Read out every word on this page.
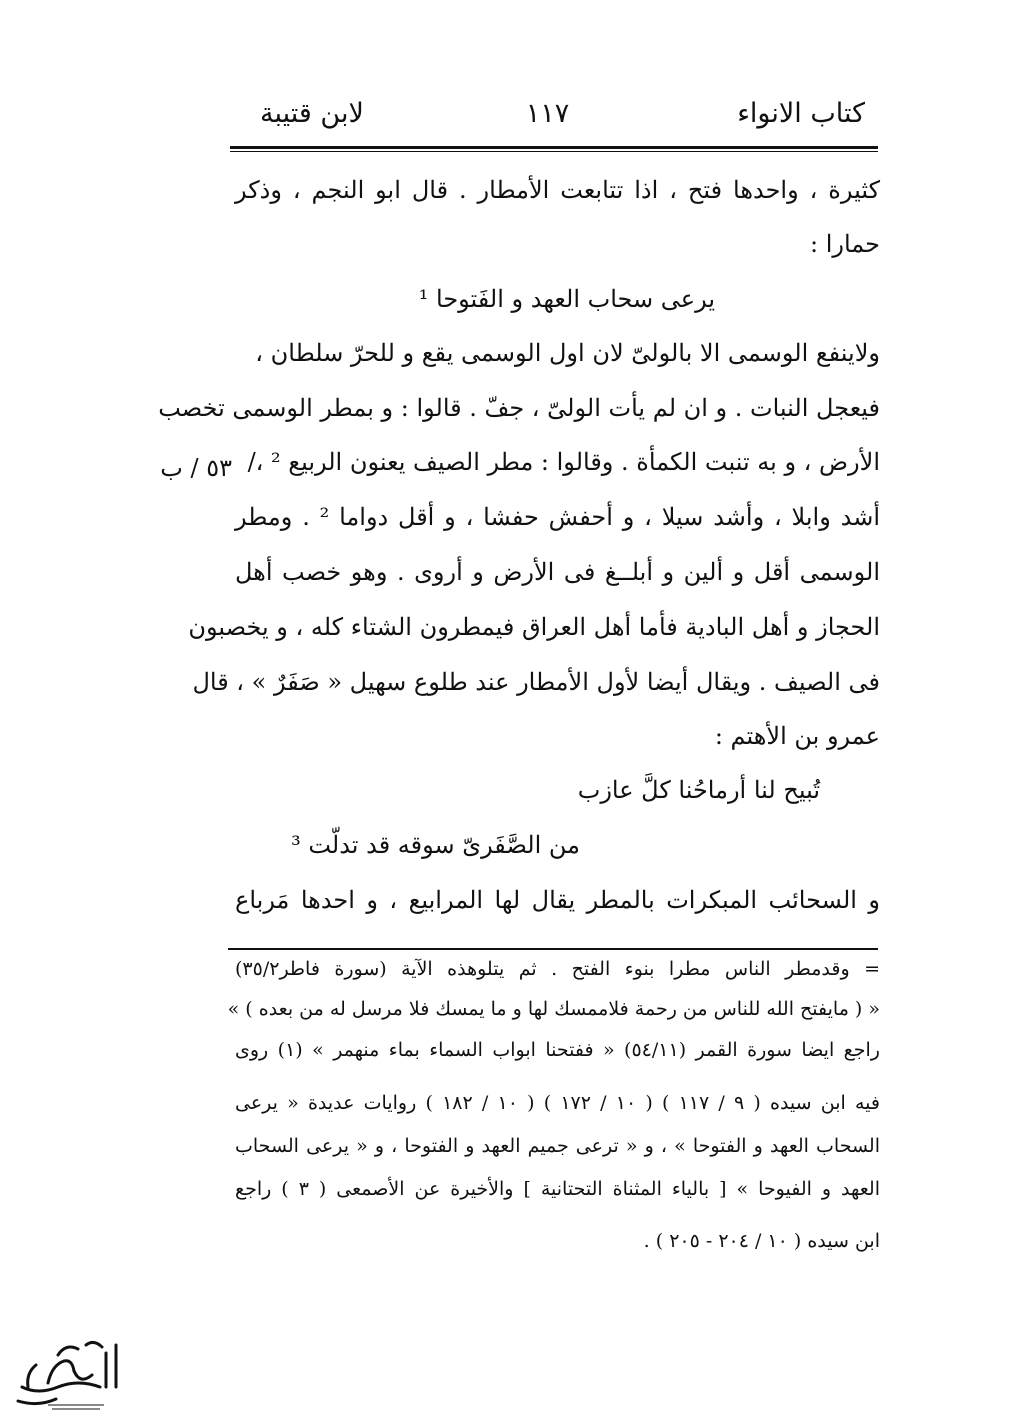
كتاب الانواء
١١٧
لابن قتيبة
كثيرة ، واحدها فتح ، اذا تتابعت الأمطار . قال ابو النجم ، وذكر
حمارا :
يرعى سحاب العهد و الفَتوحا ¹
ولاينفع الوسمى الا بالولىّ لان اول الوسمى يقع و للحرّ سلطان ،
فيعجل النبات . و ان لم يأت الولىّ ، جفّ . قالوا : و بمطر الوسمى تخصب
الأرض ، و به تنبت الكمأة . وقالوا : مطر الصيف يعنون الربيع ² ،/
أشد وابلا ، وأشد سيلا ، و أحفش حفشا ، و أقل دواما ² . ومطر
الوسمى أقل و ألين و أبلــغ فى الأرض و أروى . وهو خصب أهل
الحجاز و أهل البادية فأما أهل العراق فيمطرون الشتاء كله ، و يخصبون
فى الصيف . ويقال أيضا لأول الأمطار عند طلوع سهيل « صَفَرٌ » ، قال
عمرو بن الأهتم :
تُبيح لنا أرماحُنا كلَّ عازب
من الصَّفَرىّ سوقه قد تدلّت ³
و السحائب المبكرات بالمطر يقال لها المرابيع ، و احدها مَرباع
٥٣ / ب
= وقدمطر الناس مطرا بنوء الفتح . ثم يتلوهذه الآية (سورة فاطر٣٥/٢)
« ( مايفتح الله للناس من رحمة فلاممسك لها و ما يمسك فلا مرسل له من بعده ) »
راجع ايضا سورة القمر (٥٤/١١) « ففتحنا ابواب السماء بماء منهمر » (١) روى
فيه ابن سيده ( ٩ / ١١٧ ) ( ١٠ / ١٧٢ ) ( ١٠ / ١٨٢ ) روايات عديدة « يرعى
السحاب العهد و الفتوحا » ، و « ترعى جميم العهد و الفتوحا ، و « يرعى السحاب
العهد و الفيوحا » [ بالياء المثناة التحتانية ] والأخيرة عن الأصمعى ( ٣ ) راجع
ابن سيده ( ١٠ / ٢٠٤ - ٢٠٥ ) .
